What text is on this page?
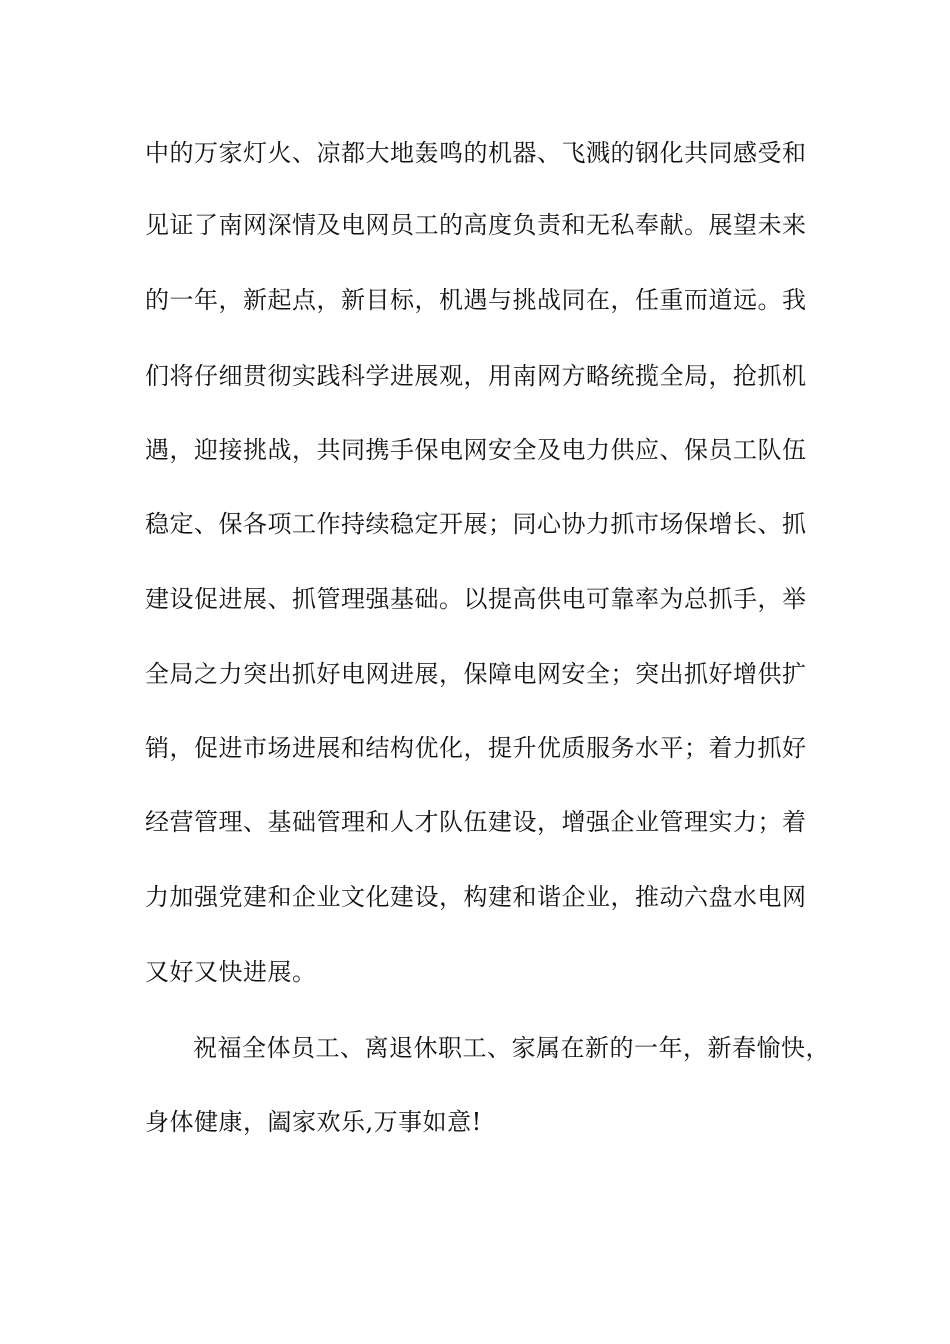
中的万家灯火、凉都大地轰鸣的机器、飞溅的钢化共同感受和
见证了南网深情及电网员工的高度负责和无私奉献。展望未来
的一年，新起点，新目标，机遇与挑战同在，任重而道远。我
们将仔细贯彻实践科学进展观，用南网方略统揽全局，抢抓机
遇，迎接挑战，共同携手保电网安全及电力供应、保员工队伍
稳定、保各项工作持续稳定开展；同心协力抓市场保增长、抓
建设促进展、抓管理强基础。以提高供电可靠率为总抓手，举
全局之力突出抓好电网进展，保障电网安全；突出抓好增供扩
销，促进市场进展和结构优化，提升优质服务水平；着力抓好
经营管理、基础管理和人才队伍建设，增强企业管理实力；着
力加强党建和企业文化建设，构建和谐企业，推动六盘水电网
又好又快进展。
祝福全体员工、离退休职工、家属在新的一年，新春愉快，
身体健康，阖家欢乐,万事如意!
